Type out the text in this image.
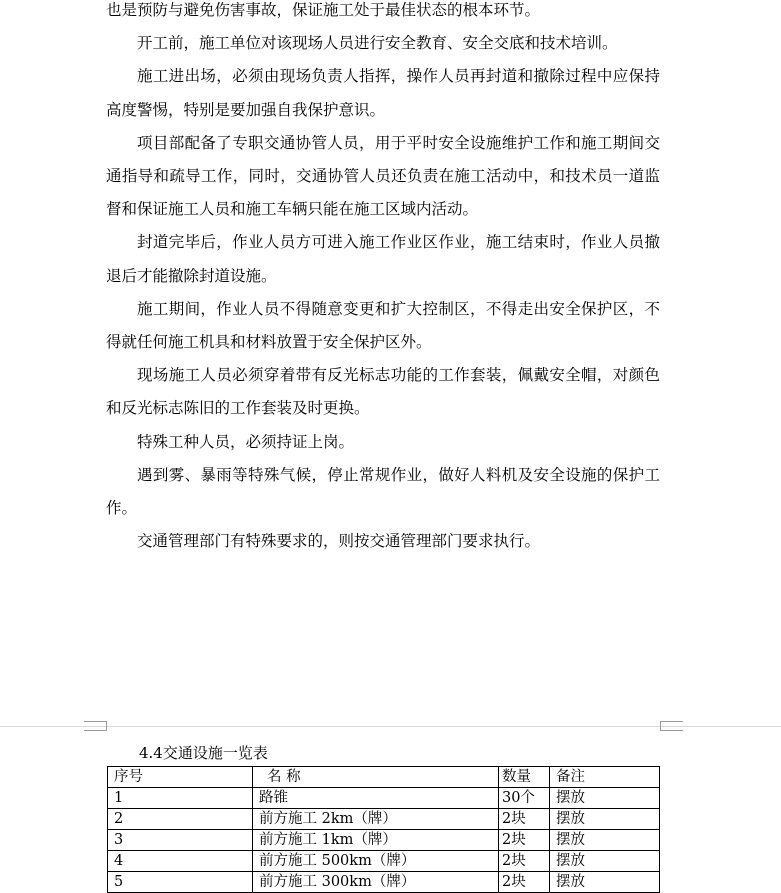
也是预防与避免伤害事故，保证施工处于最佳状态的根本环节。

开工前，施工单位对该现场人员进行安全教育、安全交底和技术培训。

施工进出场，必须由现场负责人指挥，操作人员再封道和撤除过程中应保持高度警惕，特别是要加强自我保护意识。

项目部配备了专职交通协管人员，用于平时安全设施维护工作和施工期间交通指导和疏导工作，同时，交通协管人员还负责在施工活动中，和技术员一道监督和保证施工人员和施工车辆只能在施工区域内活动。

封道完毕后，作业人员方可进入施工作业区作业，施工结束时，作业人员撤退后才能撤除封道设施。

施工期间，作业人员不得随意变更和扩大控制区，不得走出安全保护区，不得就任何施工机具和材料放置于安全保护区外。

现场施工人员必须穿着带有反光标志功能的工作套装，佩戴安全帽，对颜色和反光标志陈旧的工作套装及时更换。

特殊工种人员，必须持证上岗。

遇到雾、暴雨等特殊气候，停止常规作业，做好人料机及安全设施的保护工作。

交通管理部门有特殊要求的，则按交通管理部门要求执行。

4.4交通设施一览表
序号	名 称	数量	备注
1	路锥	30个	摆放
2	前方施工 2km（牌）	2块	摆放
3	前方施工 1km（牌）	2块	摆放
4	前方施工 500km（牌）	2块	摆放
5	前方施工 300km（牌）	2块	摆放
